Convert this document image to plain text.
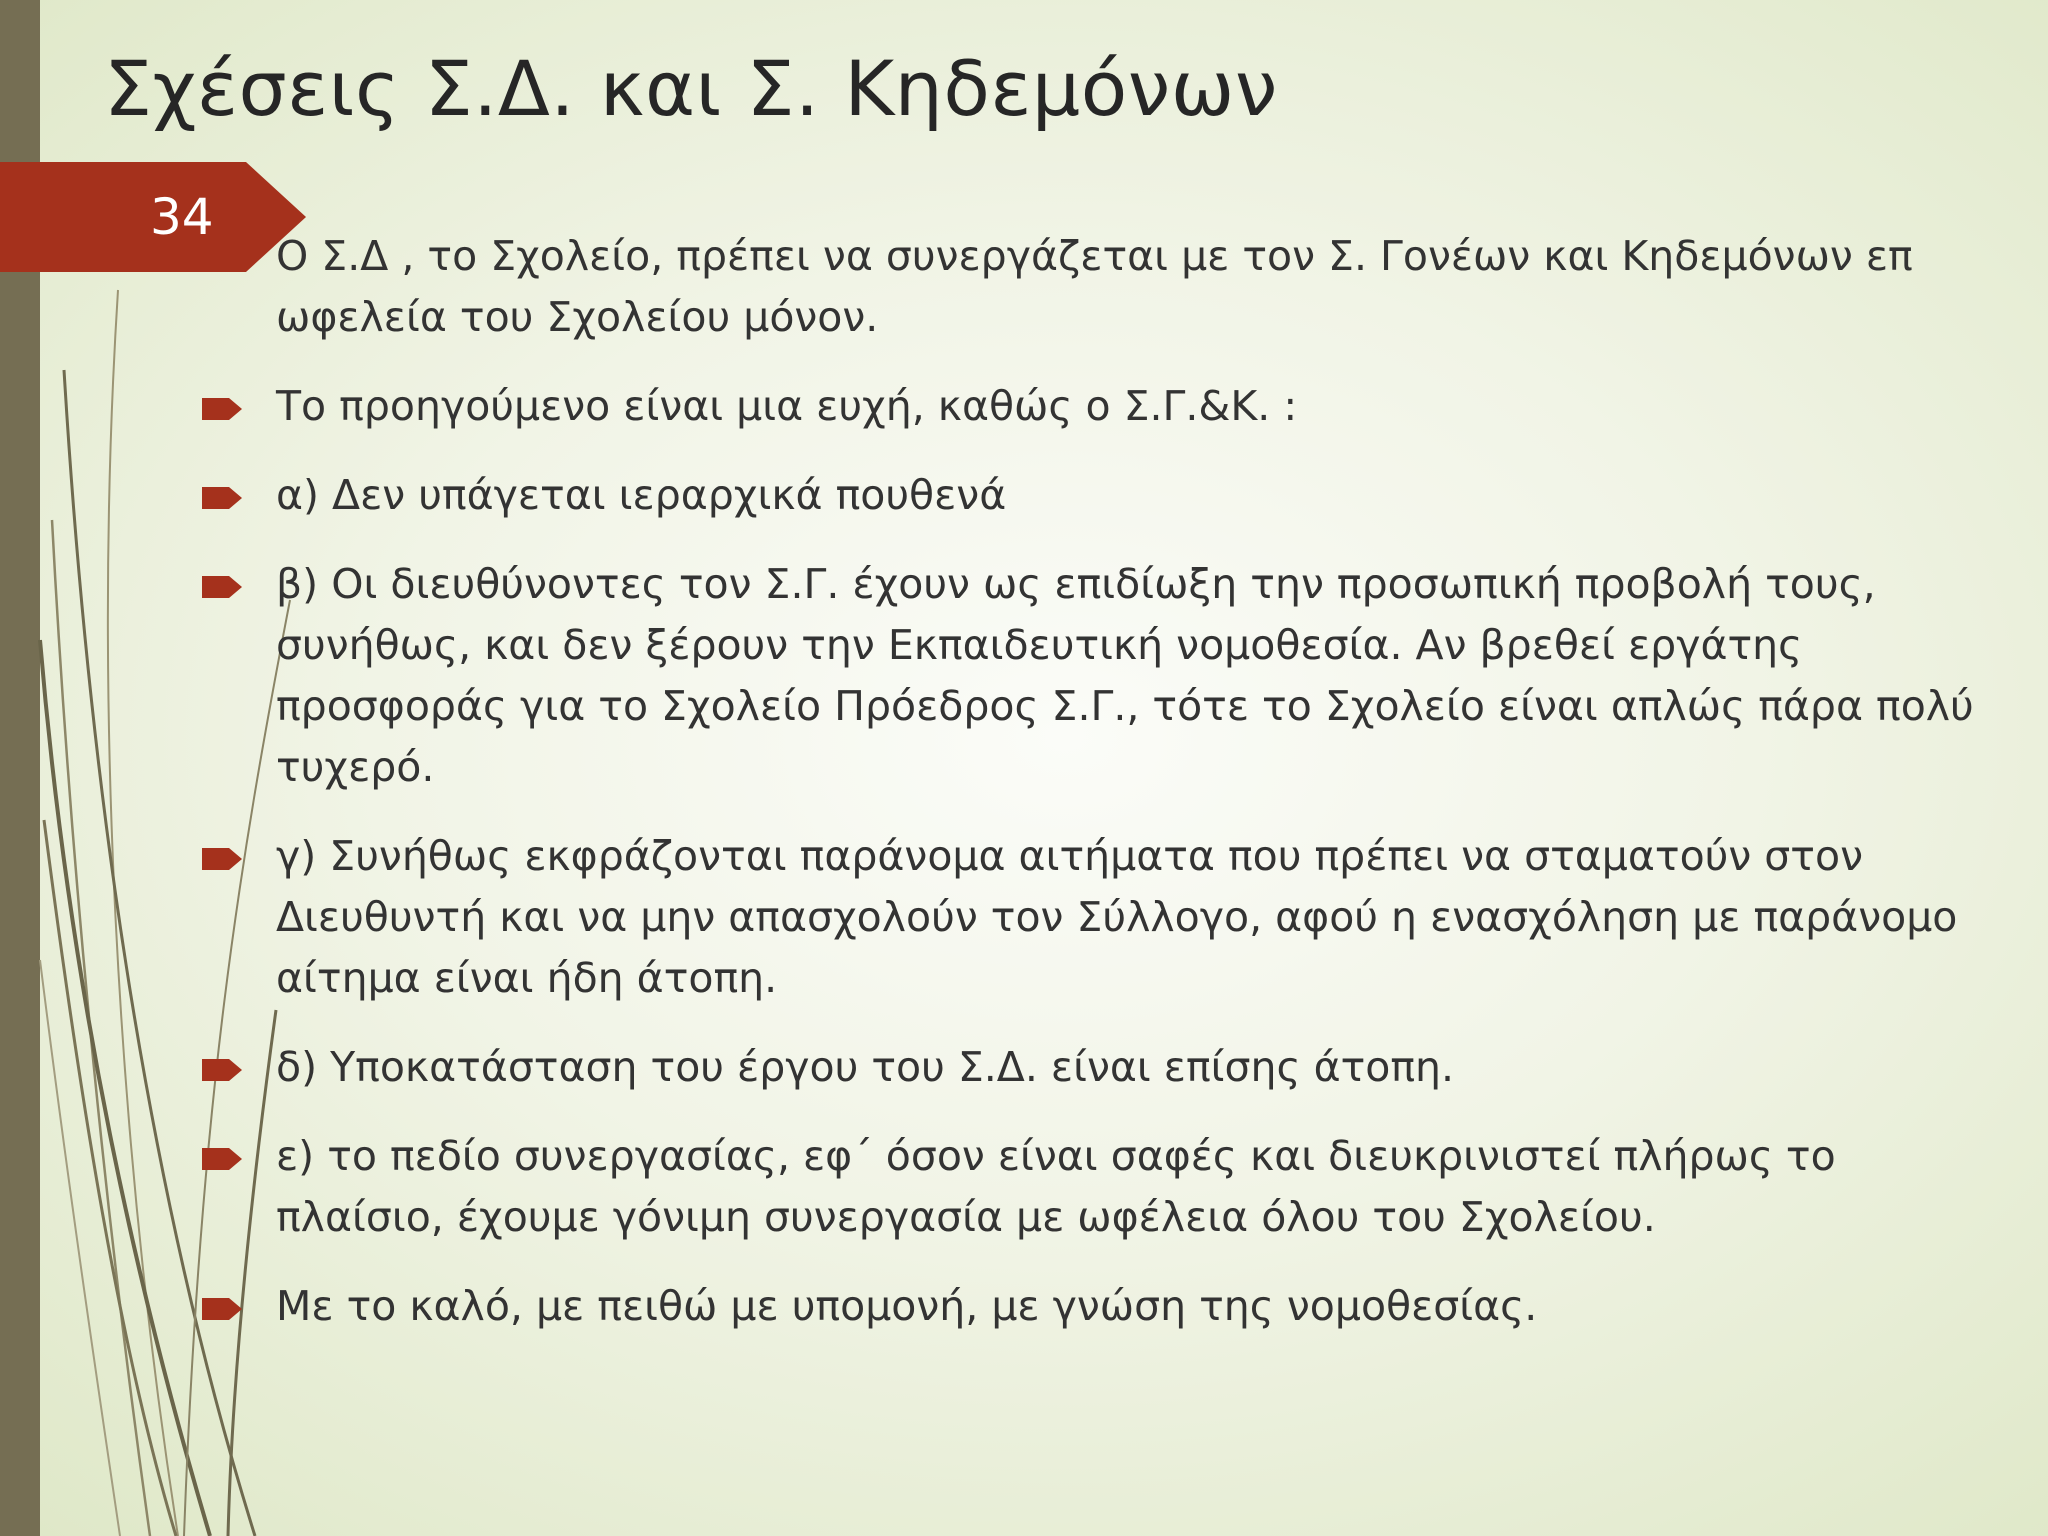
Σχέσεις Σ.Δ. και Σ. Κηδεμόνων
34
Ο Σ.Δ , το Σχολείο, πρέπει να συνεργάζεται με τον Σ. Γονέων και Κηδεμόνων επ ωφελεία του Σχολείου μόνον.
Το προηγούμενο είναι μια ευχή, καθώς ο Σ.Γ.&Κ. :
α) Δεν υπάγεται ιεραρχικά πουθενά
β) Οι διευθύνοντες τον Σ.Γ. έχουν ως επιδίωξη την προσωπική προβολή τους, συνήθως, και δεν ξέρουν την Εκπαιδευτική νομοθεσία. Αν βρεθεί εργάτης προσφοράς για το Σχολείο Πρόεδρος Σ.Γ., τότε το Σχολείο είναι απλώς πάρα πολύ τυχερό.
γ) Συνήθως εκφράζονται παράνομα αιτήματα που πρέπει να σταματούν στον Διευθυντή και να μην απασχολούν τον Σύλλογο, αφού η ενασχόληση με παράνομο αίτημα είναι ήδη άτοπη.
δ) Υποκατάσταση του έργου του Σ.Δ. είναι επίσης άτοπη.
ε) το πεδίο συνεργασίας, εφ΄ όσον είναι σαφές και διευκρινιστεί πλήρως το πλαίσιο, έχουμε γόνιμη συνεργασία με ωφέλεια όλου του Σχολείου.
Με το καλό, με πειθώ με υπομονή, με γνώση της νομοθεσίας.
